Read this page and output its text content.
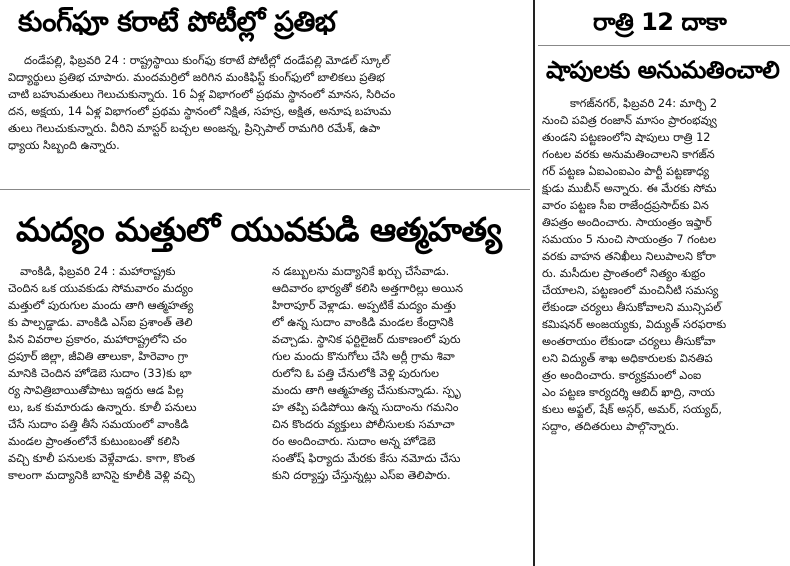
కుంగ్‌ఫూ కరాటే పోటీల్లో ప్రతిభ
దండేపల్లి, ఫిబ్రవరి 24 : రాష్ట్రస్థాయి కుంగ్‌ఫు కరాటే పోటీల్లో దండేపల్లి మోడల్ స్కూల్
విద్యార్థులు ప్రతిభ చూపారు. మందమర్రిలో జరిగిన మంకిఫిస్ట్ కుంగ్‌ఫులో బాలికలు ప్రతిభ
చాటి బహుమతులు గెలుచుకున్నారు. 16 ఏళ్ల విభాగంలో ప్రథమ స్థానంలో మానస, సిరిచం
దన, అక్షయ, 14 ఏళ్ల విభాగంలో ప్రథమ స్థానంలో నిక్షిత, సహస్ర, అక్షిత, అనూష బహుమ
తులు గెలుచుకున్నారు. వీరిని మాస్టర్ బచ్చల అంజన్న, ప్రిన్సిపాల్ రామగిరి రమేశ్, ఉపా
ధ్యాయ సిబ్బంది ఉన్నారు.
మద్యం మత్తులో యువకుడి ఆత్మహత్య
వాంకిడి, ఫిబ్రవరి 24 : మహారాష్ట్రకు
చెందిన ఒక యువకుడు సోమవారం మద్యం
మత్తులో పురుగుల మందు తాగి ఆత్మహత్య
కు పాల్పడ్డాడు. వాంకిడి ఎస్ఐ ప్రశాంత్ తెలి
పిన వివరాల ప్రకారం, మహారాష్ట్రలోని చం
ద్రపూర్ జిల్లా, జీవితి తాలుకా, హిరెవాం గ్రా
మానికి చెందిన హోడెబె సుదాం (33)కు భా
ర్య సావిత్రిబాయితోపాటు ఇద్దరు ఆడ పిల్ల
లు, ఒక కుమారుడు ఉన్నారు. కూలీ పనులు
చేసే సుదాం పత్తి తీసే సమయంలో వాంకిడి
మండల ప్రాంతంలోనే కుటుంబంతో కలిసి
వచ్చి కూలీ పనులకు వెళ్లేవాడు. కాగా, కొంత
కాలంగా మద్యానికి బానిసై కూలీకి వెళ్లి వచ్చి
న డబ్బులను మద్యానికే ఖర్చు చేసేవాడు.
ఆదివారం భార్యతో కలిసి అత్తగారిల్లు అయిన
హిరాపూర్ వెళ్లాడు. అప్పటికే మద్యం మత్తు
లో ఉన్న సుదాం వాంకిడి మండల కేంద్రానికి
వచ్చాడు. స్థానిక ఫర్టిలైజర్ దుకాణంలో పురు
గుల మందు కొనుగోలు చేసి అర్లీ గ్రామ శివా
రులోని ఓ పత్తి చేనులోకి వెళ్లి పురుగుల
మందు తాగి ఆత్మహత్య చేసుకున్నాడు. స్పృ
హ తప్పి పడిపోయి ఉన్న సుదాంను గమనిం
చిన కొందరు వ్యక్తులు పోలీసులకు సమాచా
రం అందించారు. సుదాం అన్న హోడెబె
సంతోష్ ఫిర్యాదు మేరకు కేసు నమోదు చేసు
కుని దర్యాప్తు చేస్తున్నట్లు ఎస్ఐ తెలిపారు.
రాత్రి 12 దాకా
షాపులకు అనుమతించాలి
కాగజ్‌నగర్, ఫిబ్రవరి 24: మార్చి 2
నుంచి పవిత్ర రంజాన్ మాసం ప్రారంభవ్వు
తుండని పట్టణంలోని షాపులు రాత్రి 12
గంటల వరకు అనుమతించాలని కాగజ్‌న
గర్ పట్టణ ఏఐఎంఐఎం పార్టీ పట్టణాధ్య
క్షుడు ముబీన్ అన్నారు. ఈ మేరకు సోమ
వారం పట్టణ సీఐ రాజేంద్రప్రసాద్‌కు విన
తిపత్రం అందించారు. సాయంత్రం ఇఫ్తార్
సమయం 5 నుంచి సాయంత్రం 7 గంటల
వరకు వాహన తనిఖీలు నిలుపాలని కోరా
రు. మసీదుల ప్రాంతంలో నిత్యం శుభ్రం
చేయాలని, పట్టణంలో మంచినీటి సమస్య
లేకుండా చర్యలు తీసుకోవాలని మున్సిపల్
కమిషనర్ అంజయ్యకు, విద్యుత్ సరఫరాకు
అంతరాయం లేకుండా చర్యలు తీసుకోవా
లని విద్యుత్ శాఖ అధికారులకు వినతిప
త్రం అందించారు. కార్యక్రమంలో ఎంఐ
ఎం పట్టణ కార్యదర్శి ఆబిద్ ఖాద్రి, నాయ
కులు అఫ్జల్, షేక్ అస్గర్, అమర్, సయ్యద్,
సద్దాం, తదితరులు పాల్గొన్నారు.
